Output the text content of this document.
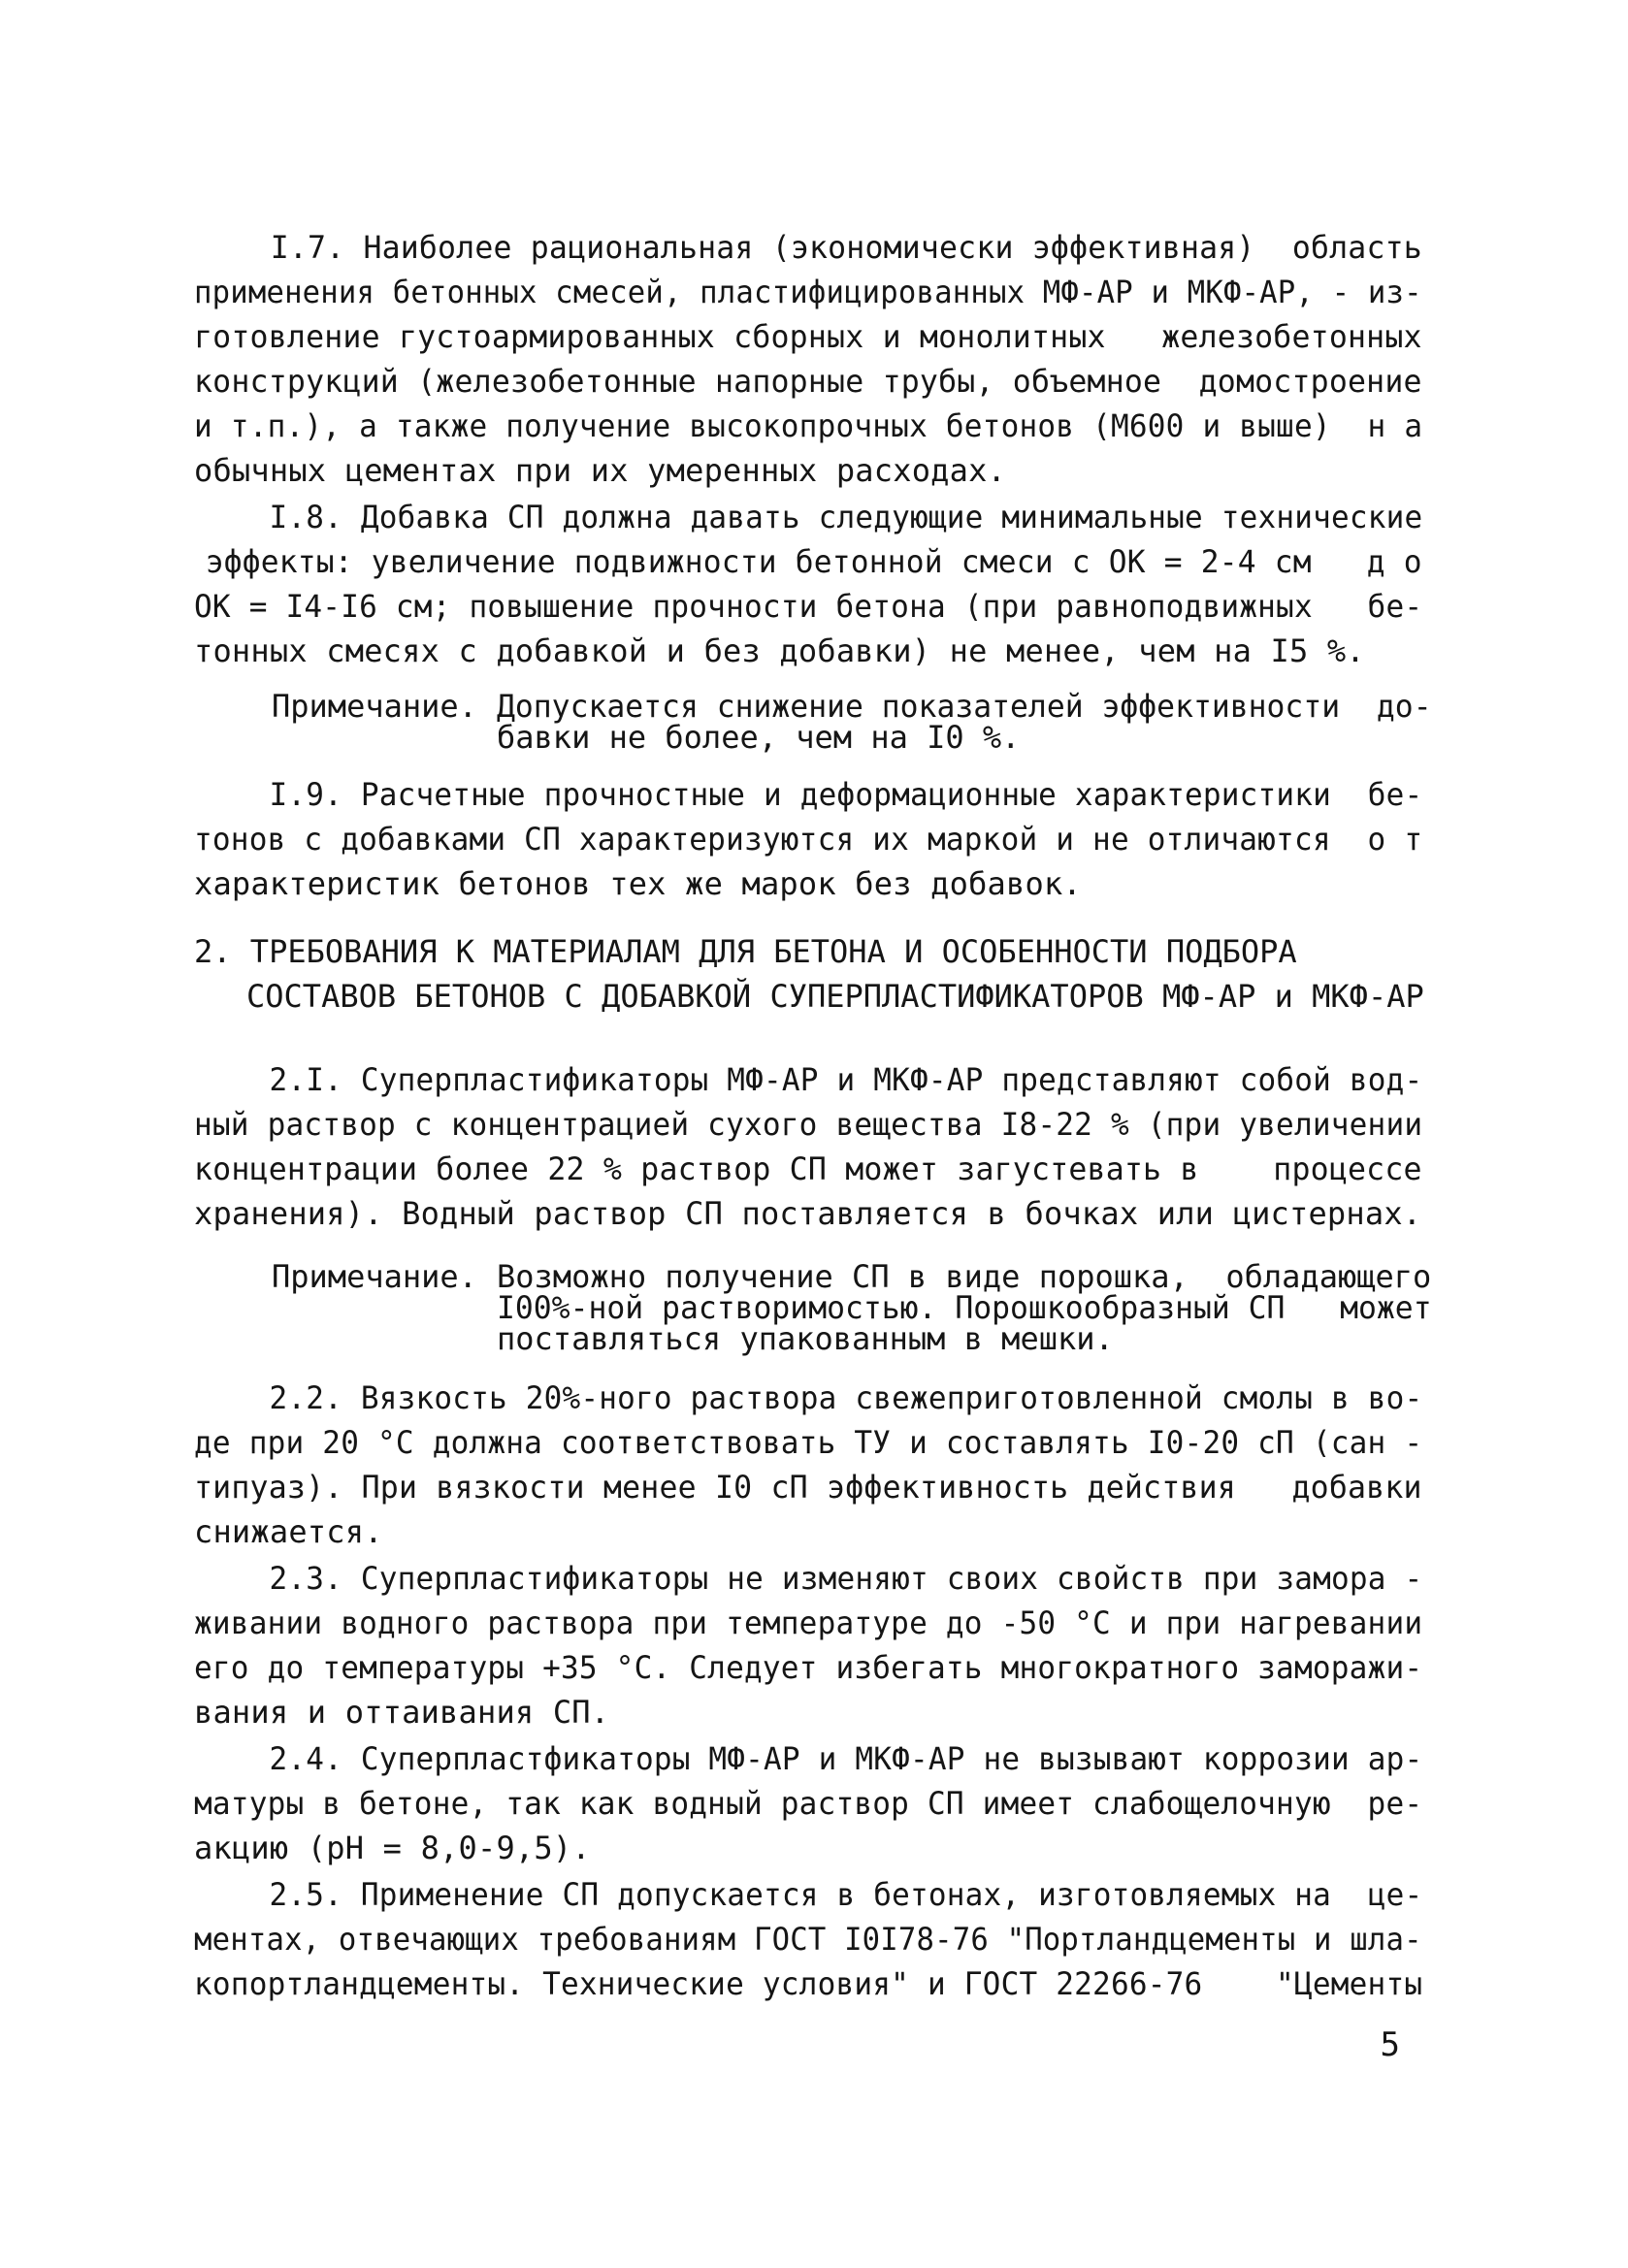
I.7. Наиболее рациональная (экономически эффективная)  область
применения бетонных смесей, пластифицированных МФ-АР и МКФ-АР, - из-
готовление густоармированных сборных и монолитных   железобетонных
конструкций (железобетонные напорные трубы, объемное  домостроение
и т.п.), а также получение высокопрочных бетонов (М600 и выше)  н а
обычных цементах при их умеренных расходах.
I.8. Добавка СП должна давать следующие минимальные технические
эффекты: увеличение подвижности бетонной смеси с ОК = 2-4 см   д о
ОК = I4-I6 см; повышение прочности бетона (при равноподвижных   бе-
тонных смесях с добавкой и без добавки) не менее, чем на I5 %.
Примечание. Допускается снижение показателей эффективности  до-
бавки не более, чем на I0 %.
I.9. Расчетные прочностные и деформационные характеристики  бе-
тонов с добавками СП характеризуются их маркой и не отличаются  о т
характеристик бетонов тех же марок без добавок.
2. ТРЕБОВАНИЯ К МАТЕРИАЛАМ ДЛЯ БЕТОНА И ОСОБЕННОСТИ ПОДБОРА
СОСТАВОВ БЕТОНОВ С ДОБАВКОЙ СУПЕРПЛАСТИФИКАТОРОВ МФ-АР и МКФ-АР
2.I. Суперпластификаторы МФ-АР и МКФ-АР представляют собой вод-
ный раствор с концентрацией сухого вещества I8-22 % (при увеличении
концентрации более 22 % раствор СП может загустевать в    процессе
хранения). Водный раствор СП поставляется в бочках или цистернах.
Примечание. Возможно получение СП в виде порошка,  обладающего
I00%-ной растворимостью. Порошкообразный СП   может
поставляться упакованным в мешки.
2.2. Вязкость 20%-ного раствора свежеприготовленной смолы в во-
де при 20 °С должна соответствовать ТУ и составлять I0-20 сП (сан -
типуаз). При вязкости менее I0 сП эффективность действия   добавки
снижается.
2.3. Суперпластификаторы не изменяют своих свойств при замора -
живании водного раствора при температуре до -50 °С и при нагревании
его до температуры +35 °С. Следует избегать многократного заморажи-
вания и оттаивания СП.
2.4. Суперпластфикаторы МФ-АР и МКФ-АР не вызывают коррозии ар-
матуры в бетоне, так как водный раствор СП имеет слабощелочную  ре-
акцию (рН = 8,0-9,5).
2.5. Применение СП допускается в бетонах, изготовляемых на  це-
ментах, отвечающих требованиям ГОСТ I0I78-76 "Портландцементы и шла-
копортландцементы. Технические условия" и ГОСТ 22266-76    "Цементы
5
